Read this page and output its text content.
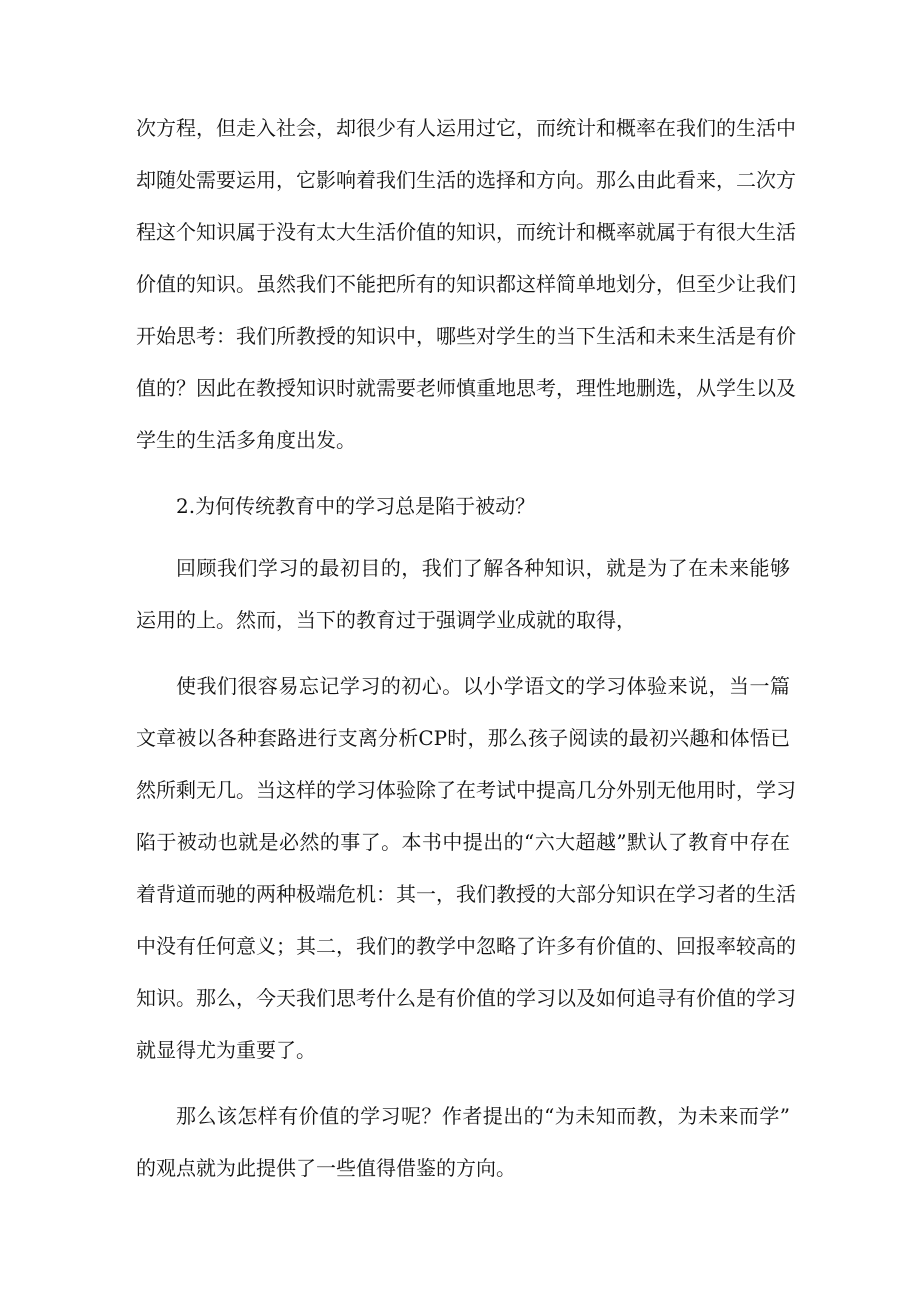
次方程，但走入社会，却很少有人运用过它，而统计和概率在我们的生活中
却随处需要运用，它影响着我们生活的选择和方向。那么由此看来，二次方
程这个知识属于没有太大生活价值的知识，而统计和概率就属于有很大生活
价值的知识。虽然我们不能把所有的知识都这样简单地划分，但至少让我们
开始思考：我们所教授的知识中，哪些对学生的当下生活和未来生活是有价
值的？因此在教授知识时就需要老师慎重地思考，理性地删选，从学生以及
学生的生活多角度出发。
2.为何传统教育中的学习总是陷于被动？
回顾我们学习的最初目的，我们了解各种知识，就是为了在未来能够
运用的上。然而，当下的教育过于强调学业成就的取得，
使我们很容易忘记学习的初心。以小学语文的学习体验来说，当一篇
文章被以各种套路进行支离分析CP时，那么孩子阅读的最初兴趣和体悟已
然所剩无几。当这样的学习体验除了在考试中提高几分外别无他用时，学习
陷于被动也就是必然的事了。本书中提出的“六大超越”默认了教育中存在
着背道而驰的两种极端危机：其一，我们教授的大部分知识在学习者的生活
中没有任何意义；其二，我们的教学中忽略了许多有价值的、回报率较高的
知识。那么，今天我们思考什么是有价值的学习以及如何追寻有价值的学习
就显得尤为重要了。
那么该怎样有价值的学习呢？作者提出的“为未知而教，为未来而学”
的观点就为此提供了一些值得借鉴的方向。
